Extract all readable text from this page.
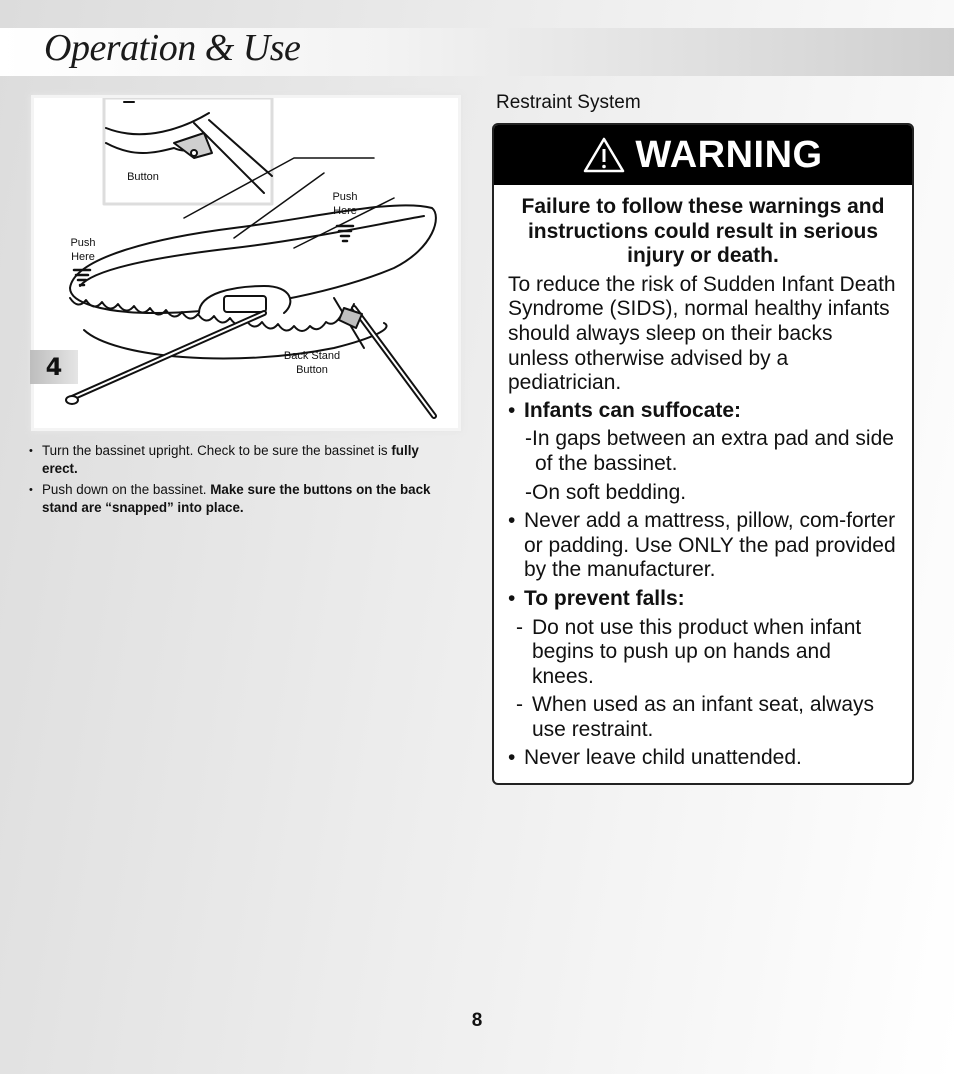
Operation & Use
Button
Push
Here
Push
Here
Back Stand
Button
4
• Turn the bassinet upright. Check to be sure the bassinet is fully erect.
• Push down on the bassinet. Make sure the buttons on the back stand are “snapped” into place.
Restraint System
WARNING

Failure to follow these warnings and instructions could result in serious injury or death.

To reduce the risk of Sudden Infant Death Syndrome (SIDS), normal healthy infants should always sleep on their backs unless otherwise advised by a pediatrician.

• Infants can suffocate:
-In gaps between an extra pad and side of the bassinet.
-On soft bedding.
• Never add a mattress, pillow, com-forter or padding. Use ONLY the pad provided by the manufacturer.
• To prevent falls:
- Do not use this product when infant begins to push up on hands and knees.
- When used as an infant seat, always use restraint.
• Never leave child unattended.
8
